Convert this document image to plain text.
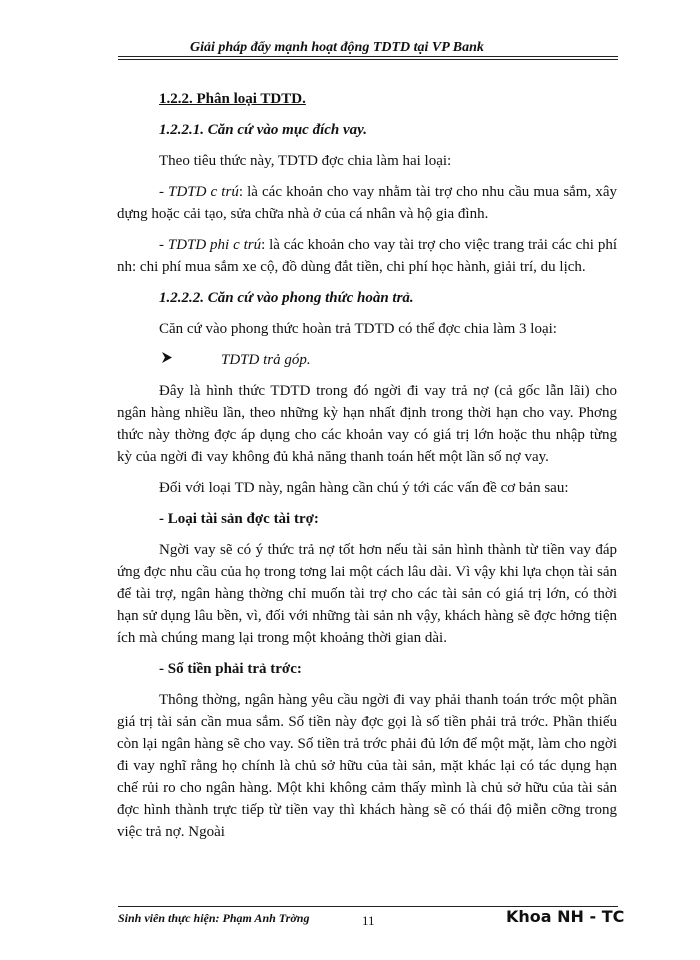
Giải pháp đẩy mạnh hoạt động TDTD tại VP Bank

1.2.2. Phân loại TDTD.

1.2.2.1. Căn cứ vào mục đích vay.

Theo tiêu thức này, TDTD đợc chia làm hai loại:

- TDTD c trú: là các khoản cho vay nhằm tài trợ cho nhu cầu mua sắm, xây dựng hoặc cải tạo, sửa chữa nhà ở của cá nhân và hộ gia đình.

- TDTD phi c trú: là các khoản cho vay tài trợ cho việc trang trải các chi phí nh: chi phí mua sắm xe cộ, đồ dùng đắt tiền, chi phí học hành, giải trí, du lịch.

1.2.2.2. Căn cứ vào phong thức hoàn trả.

Căn cứ vào phong thức hoàn trả TDTD có thể đợc chia làm 3 loại:

TDTD trả góp.

Đây là hình thức TDTD trong đó ngời đi vay trả nợ (cả gốc lẫn lãi) cho ngân hàng nhiều lần, theo những kỳ hạn nhất định trong thời hạn cho vay. Phơng thức này thờng đợc áp dụng cho các khoản vay có giá trị lớn hoặc thu nhập từng kỳ của ngời đi vay không đủ khả năng thanh toán hết một lần số nợ vay.

Đối với loại TD này, ngân hàng cần chú ý tới các vấn đề cơ bản sau:

- Loại tài sản đợc tài trợ:

Ngời vay sẽ có ý thức trả nợ tốt hơn nếu tài sản hình thành từ tiền vay đáp ứng đợc nhu cầu của họ trong tơng lai một cách lâu dài. Vì vậy khi lựa chọn tài sản để tài trợ, ngân hàng thờng chỉ muốn tài trợ cho các tài sản có giá trị lớn, có thời hạn sử dụng lâu bền, vì, đối với những tài sản nh vậy, khách hàng sẽ đợc hởng tiện ích mà chúng mang lại trong một khoảng thời gian dài.

- Số tiền phải trả trớc:

Thông thờng, ngân hàng yêu cầu ngời đi vay phải thanh toán trớc một phần giá trị tài sản cần mua sắm. Số tiền này đợc gọi là số tiền phải trả trớc. Phần thiếu còn lại ngân hàng sẽ cho vay. Số tiền trả trớc phải đủ lớn để một mặt, làm cho ngời đi vay nghĩ rằng họ chính là chủ sở hữu của tài sản, mặt khác lại có tác dụng hạn chế rủi ro cho ngân hàng. Một khi không cảm thấy mình là chủ sở hữu của tài sản đợc hình thành trực tiếp từ tiền vay thì khách hàng sẽ có thái độ miễn cỡng trong việc trả nợ. Ngoài

Sinh viên thực hiện: Phạm Anh Trờng	11	Khoa NH - TC
